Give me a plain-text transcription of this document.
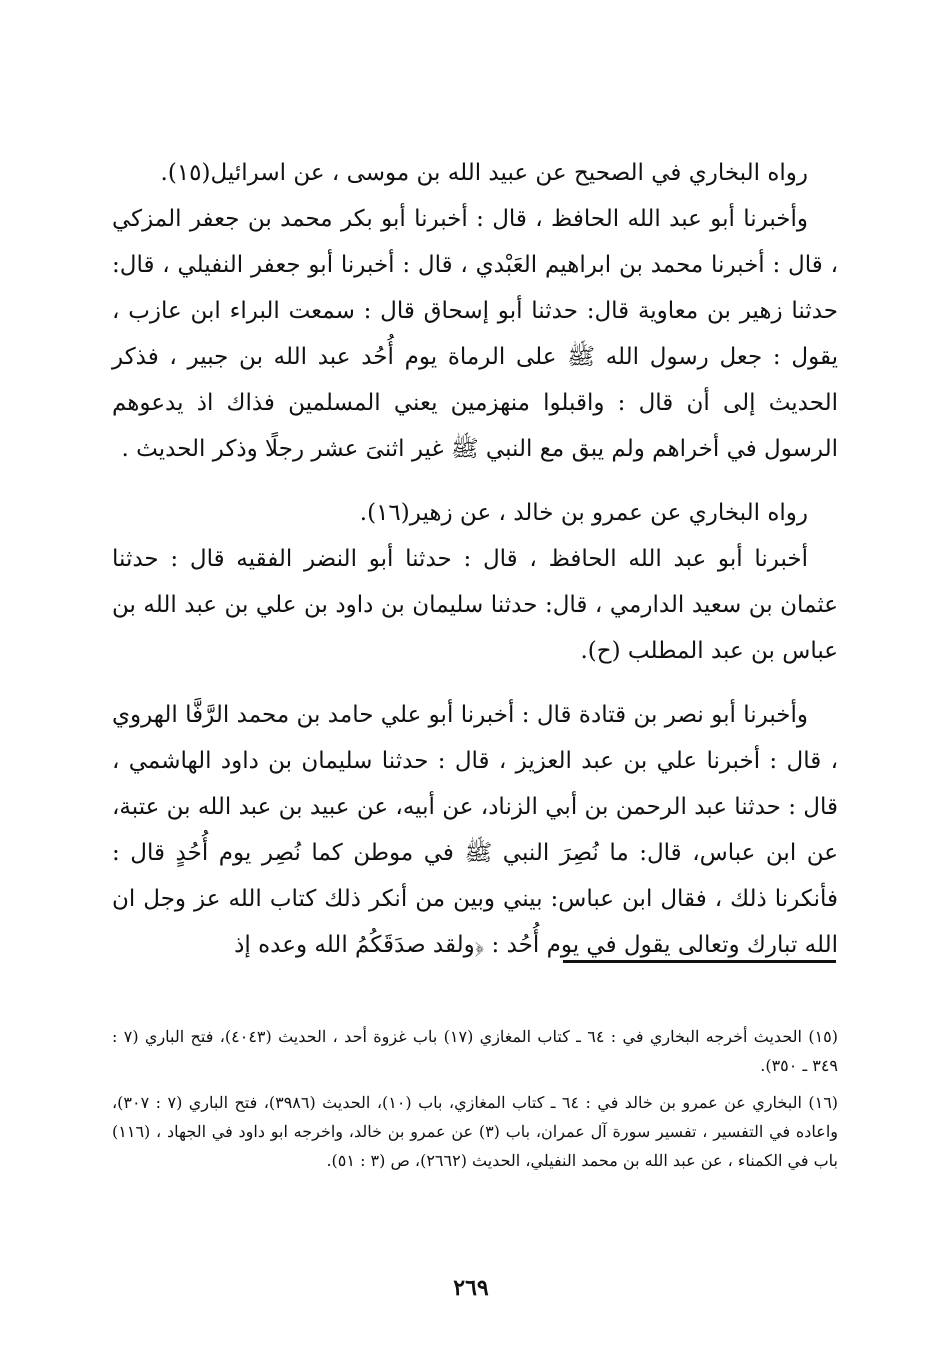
رواه البخاري في الصحيح عن عبيد الله بن موسى ، عن اسرائيل(١٥).

وأخبرنا أبو عبد الله الحافظ ، قال : أخبرنا أبو بكر محمد بن جعفر المزكي ، قال : أخبرنا محمد بن ابراهيم العَبْدي ، قال : أخبرنا أبو جعفر النفيلي ، قال: حدثنا زهير بن معاوية قال: حدثنا أبو إسحاق قال : سمعت البراء ابن عازب ، يقول : جعل رسول الله ﷺ على الرماة يوم أُحُد عبد الله بن جبير ، فذكر الحديث إلى أن قال : واقبلوا منهزمين يعني المسلمين فذاك اذ يدعوهم الرسول في أخراهم ولم يبق مع النبي ﷺ غير اثنىَ عشر رجلًا وذكر الحديث .

رواه البخاري عن عمرو بن خالد ، عن زهير(١٦).

أخبرنا أبو عبد الله الحافظ ، قال : حدثنا أبو النضر الفقيه قال : حدثنا عثمان بن سعيد الدارمي ، قال: حدثنا سليمان بن داود بن علي بن عبد الله بن عباس بن عبد المطلب (ح).

وأخبرنا أبو نصر بن قتادة قال : أخبرنا أبو علي حامد بن محمد الرَّفَّا الهروي ، قال : أخبرنا علي بن عبد العزيز ، قال : حدثنا سليمان بن داود الهاشمي ، قال : حدثنا عبد الرحمن بن أبي الزناد، عن أبيه، عن عبيد بن عبد الله بن عتبة، عن ابن عباس، قال: ما نُصِرَ النبي ﷺ في موطن كما نُصِر يوم أُحُدٍ قال : فأنكرنا ذلك ، فقال ابن عباس: بيني وبين من أنكر ذلك كتاب الله عز وجل ان الله تبارك وتعالى يقول في يوم أُحُد : ﴿ولقد صدَقَكُمُ الله وعده إذ

(١٥) الحديث أخرجه البخاري في : ٦٤ ـ كتاب المغازي (١٧) باب غزوة أحد ، الحديث (٤٠٤٣)، فتح الباري (٧ : ٣٤٩ ـ ٣٥٠).

(١٦) البخاري عن عمرو بن خالد في : ٦٤ ـ كتاب المغازي، باب (١٠)، الحديث (٣٩٨٦)، فتح الباري (٧ : ٣٠٧)، واعاده في التفسير ، تفسير سورة آل عمران، باب (٣) عن عمرو بن خالد، واخرجه ابو داود في الجهاد ، (١١٦) باب في الكمناء ، عن عبد الله بن محمد النفيلي، الحديث (٢٦٦٢)، ص (٣ : ٥١).

٢٦٩
